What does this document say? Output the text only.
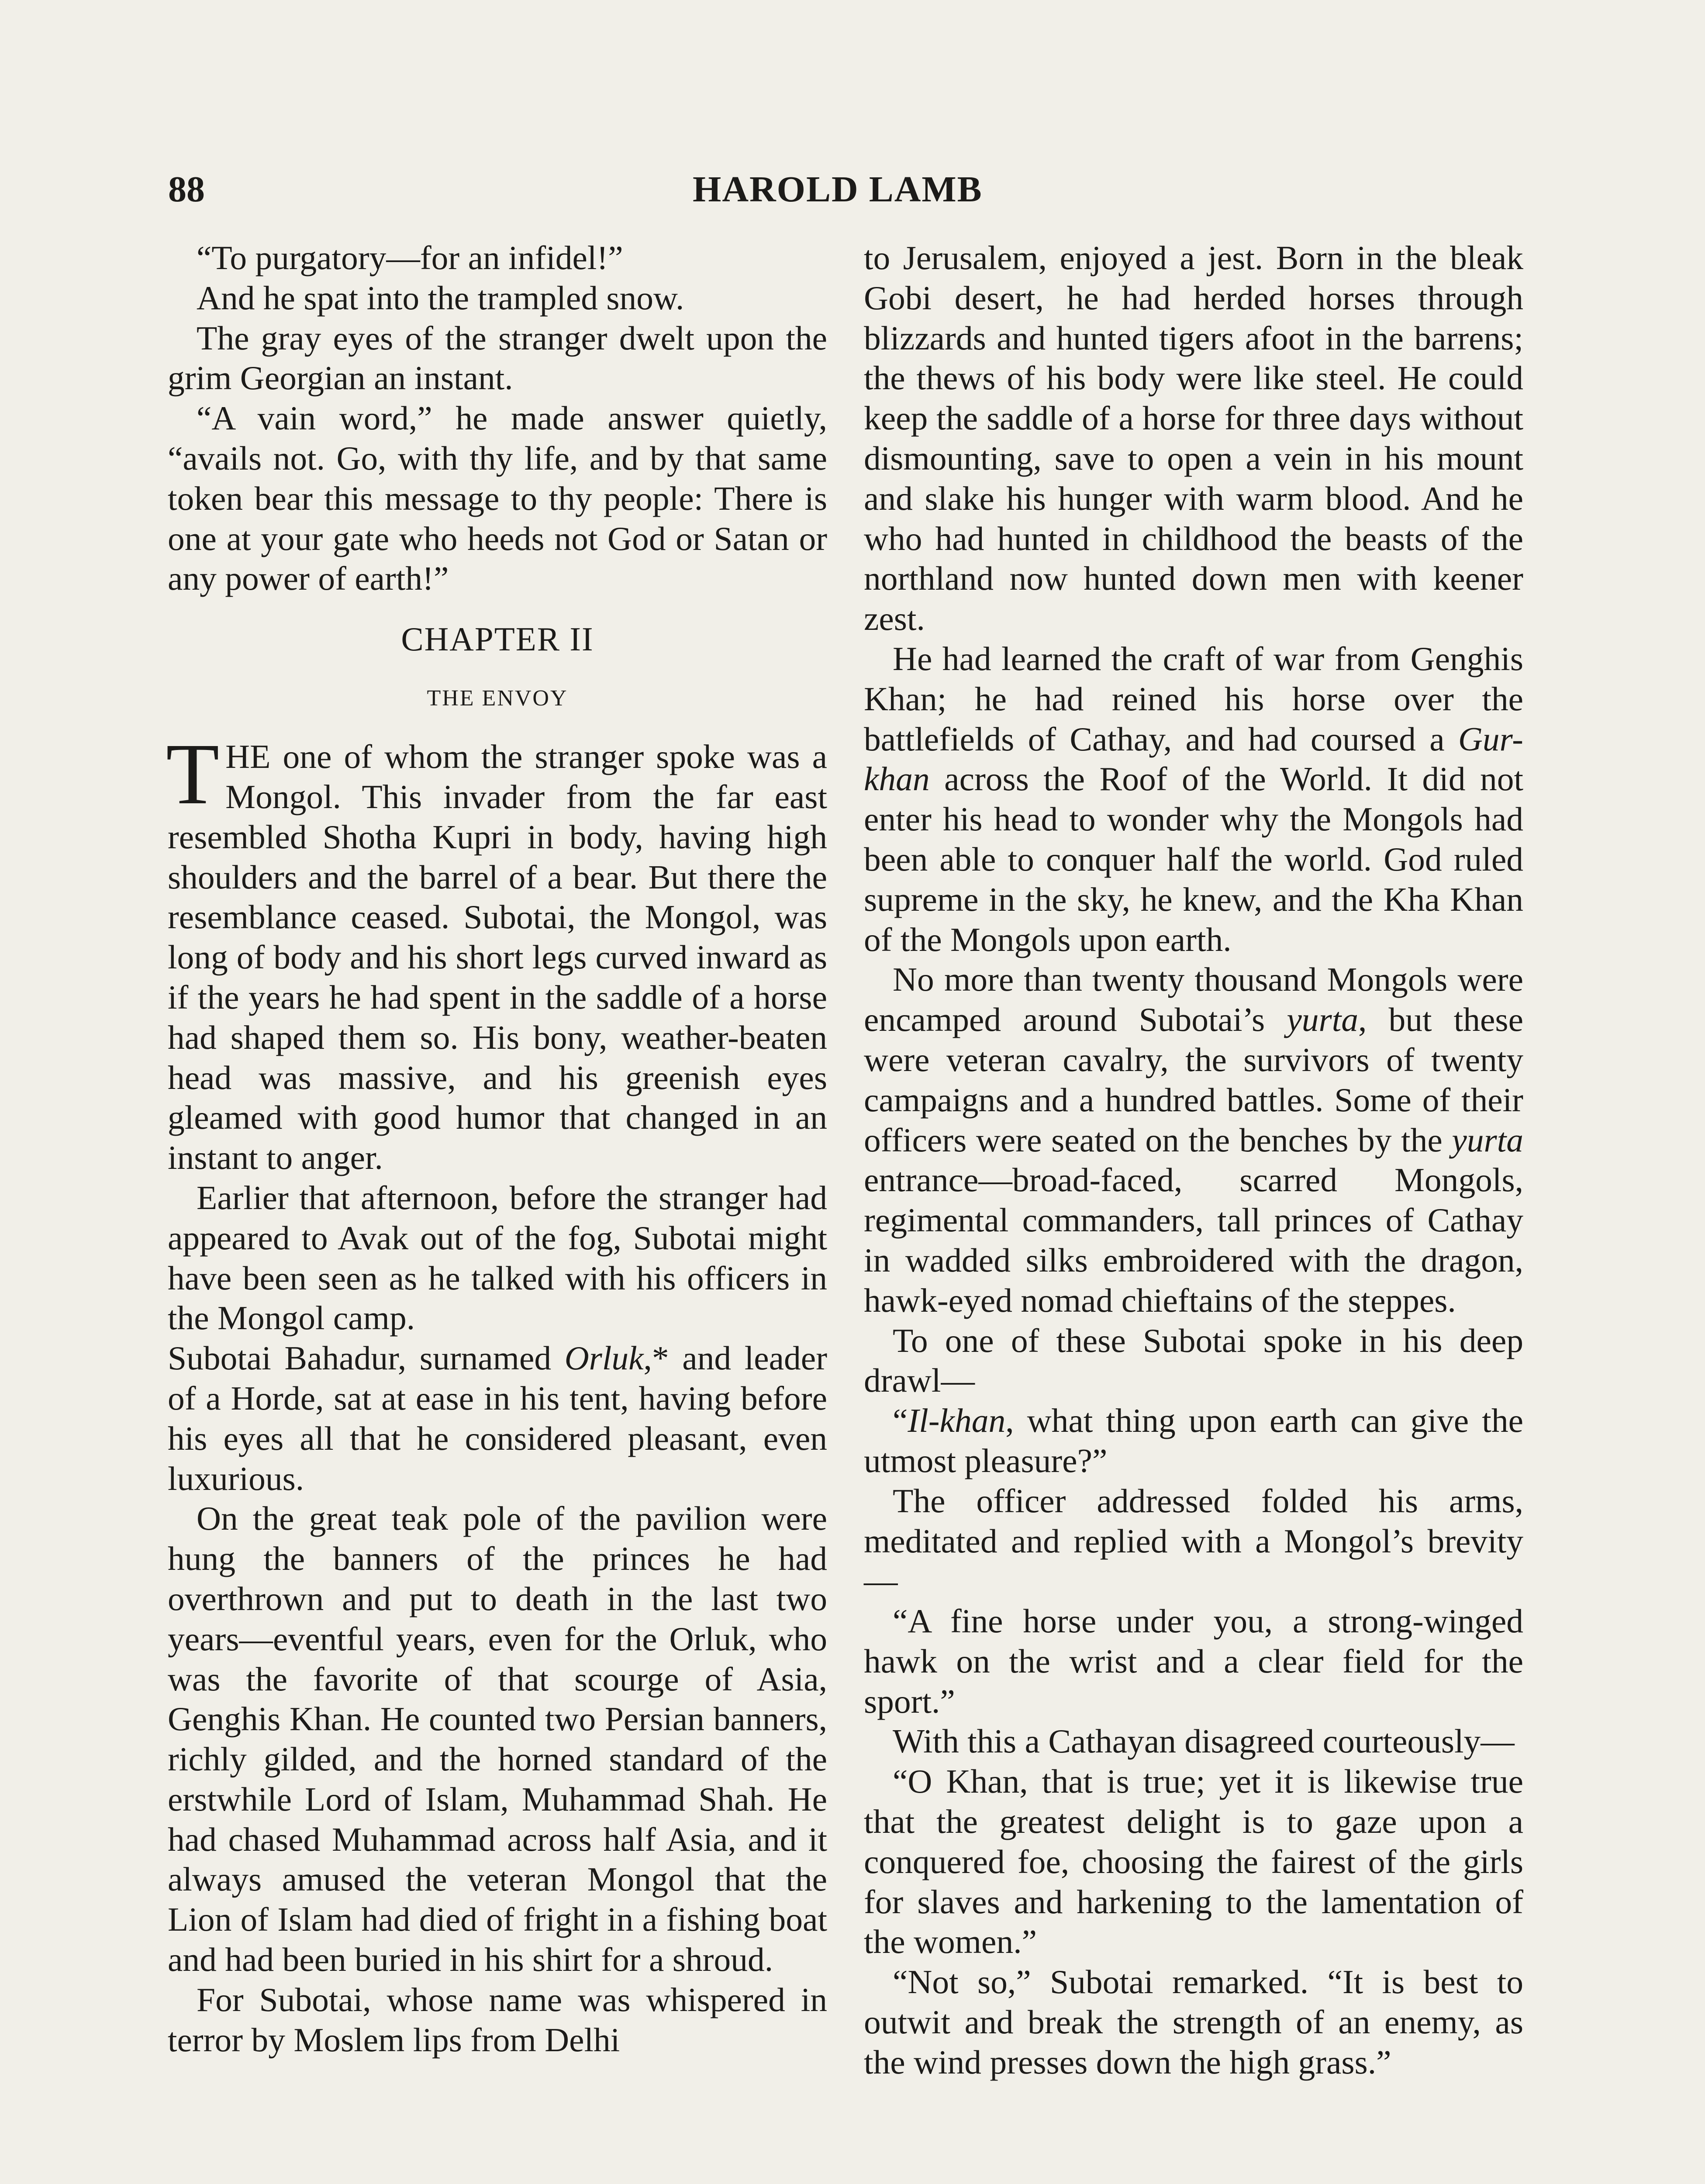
88	HAROLD LAMB

“To purgatory—for an infidel!”

And he spat into the trampled snow.

The gray eyes of the stranger dwelt upon the grim Georgian an instant.

“A vain word,” he made answer quietly, “avails not. Go, with thy life, and by that same token bear this message to thy people: There is one at your gate who heeds not God or Satan or any power of earth!”

CHAPTER II
THE ENVOY

THE one of whom the stranger spoke was a Mongol. This invader from the far east resembled Shotha Kupri in body, having high shoulders and the barrel of a bear. But there the resemblance ceased. Subotai, the Mongol, was long of body and his short legs curved inward as if the years he had spent in the saddle of a horse had shaped them so. His bony, weather-beaten head was massive, and his greenish eyes gleamed with good humor that changed in an instant to anger.

Earlier that afternoon, before the stranger had appeared to Avak out of the fog, Subotai might have been seen as he talked with his officers in the Mongol camp.

Subotai Bahadur, surnamed Orluk,* and leader of a Horde, sat at ease in his tent, having before his eyes all that he considered pleasant, even luxurious.

On the great teak pole of the pavilion were hung the banners of the princes he had overthrown and put to death in the last two years—eventful years, even for the Orluk, who was the favorite of that scourge of Asia, Genghis Khan. He counted two Persian banners, richly gilded, and the horned standard of the erstwhile Lord of Islam, Muhammad Shah. He had chased Muhammad across half Asia, and it always amused the veteran Mongol that the Lion of Islam had died of fright in a fishing boat and had been buried in his shirt for a shroud.

For Subotai, whose name was whispered in terror by Moslem lips from Delhi

to Jerusalem, enjoyed a jest. Born in the bleak Gobi desert, he had herded horses through blizzards and hunted tigers afoot in the barrens; the thews of his body were like steel. He could keep the saddle of a horse for three days without dismounting, save to open a vein in his mount and slake his hunger with warm blood. And he who had hunted in childhood the beasts of the northland now hunted down men with keener zest.

He had learned the craft of war from Genghis Khan; he had reined his horse over the battlefields of Cathay, and had coursed a Gur-khan across the Roof of the World. It did not enter his head to wonder why the Mongols had been able to conquer half the world. God ruled supreme in the sky, he knew, and the Kha Khan of the Mongols upon earth.

No more than twenty thousand Mongols were encamped around Subotai’s yurta, but these were veteran cavalry, the survivors of twenty campaigns and a hundred battles. Some of their officers were seated on the benches by the yurta entrance—broad-faced, scarred Mongols, regimental commanders, tall princes of Cathay in wadded silks embroidered with the dragon, hawk-eyed nomad chieftains of the steppes.

To one of these Subotai spoke in his deep drawl—

“Il-khan, what thing upon earth can give the utmost pleasure?”

The officer addressed folded his arms, meditated and replied with a Mongol’s brevity—

“A fine horse under you, a strong-winged hawk on the wrist and a clear field for the sport.”

With this a Cathayan disagreed courteously—

“O Khan, that is true; yet it is likewise true that the greatest delight is to gaze upon a conquered foe, choosing the fairest of the girls for slaves and harkening to the lamentation of the women.”

“Not so,” Subotai remarked. “It is best to outwit and break the strength of an enemy, as the wind presses down the high grass.”
